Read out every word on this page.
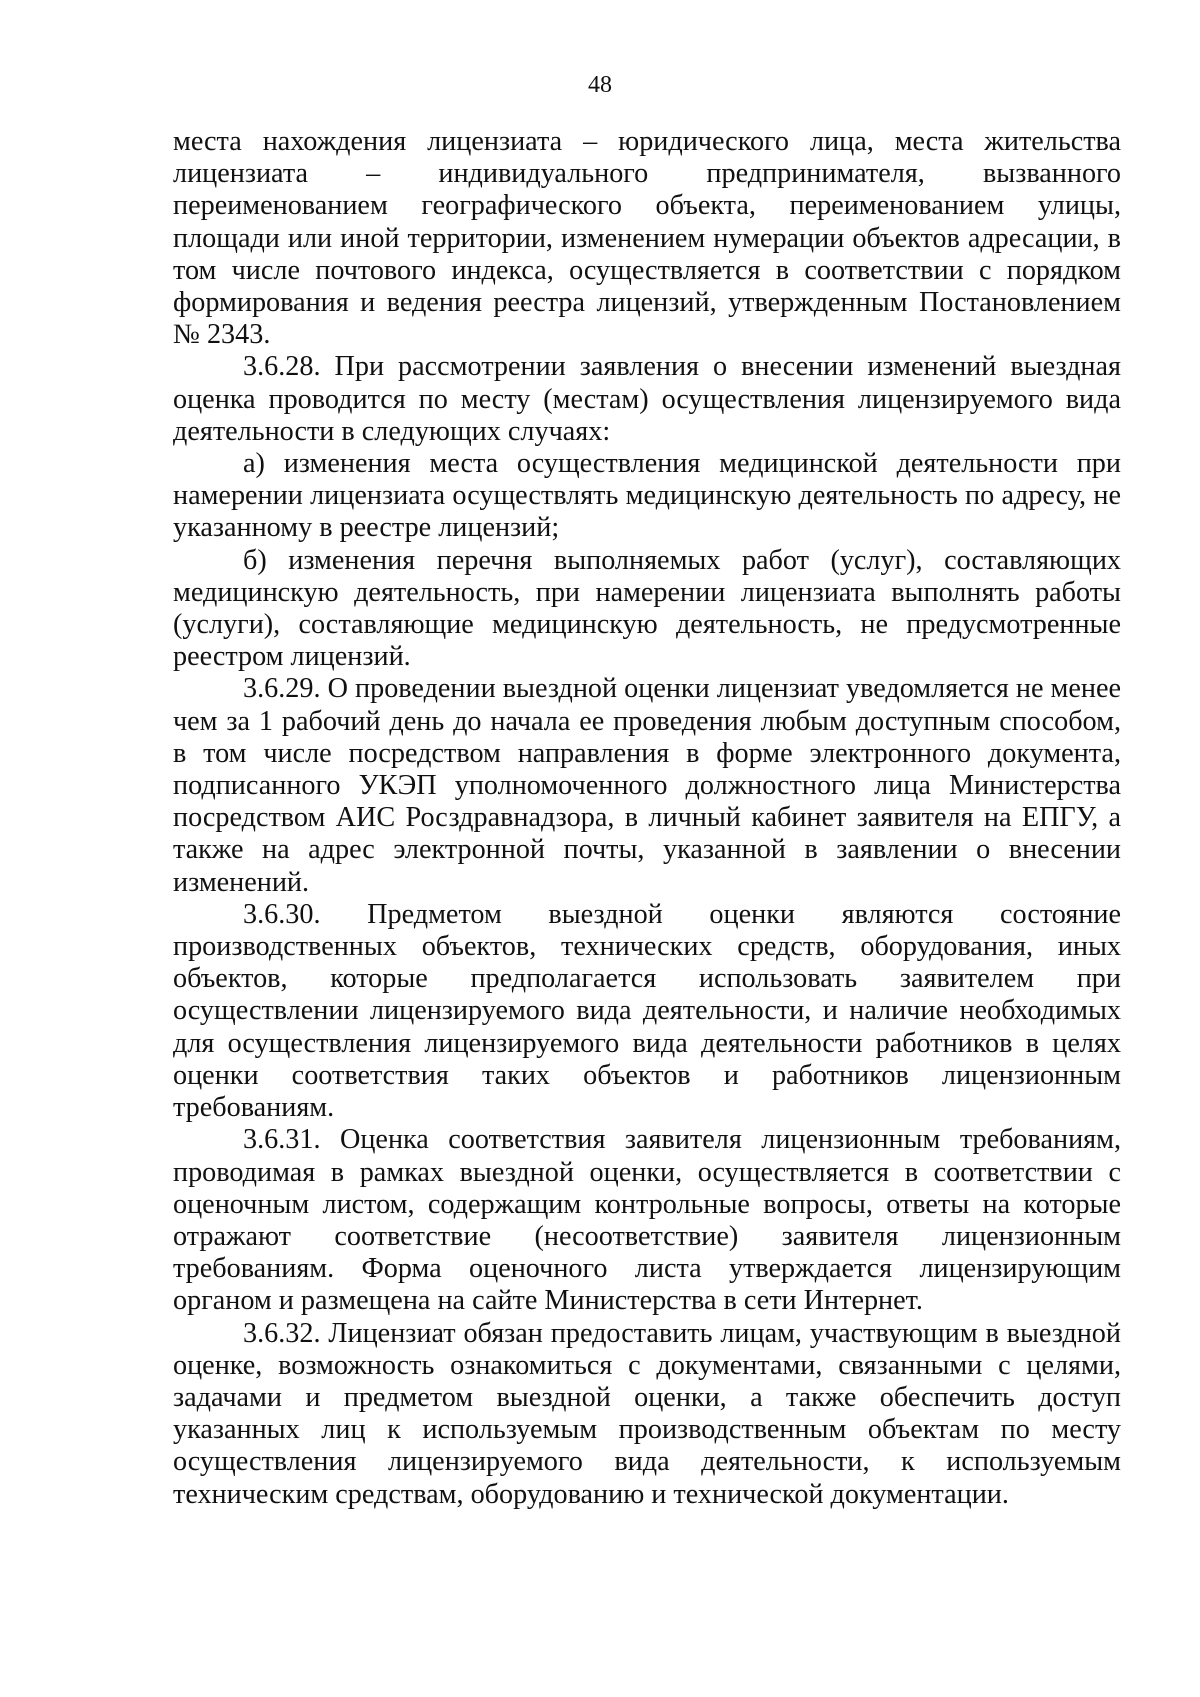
48

места нахождения лицензиата – юридического лица, места жительства лицензиата – индивидуального предпринимателя, вызванного переименованием географического объекта, переименованием улицы, площади или иной территории, изменением нумерации объектов адресации, в том числе почтового индекса, осуществляется в соответствии с порядком формирования и ведения реестра лицензий, утвержденным Постановлением № 2343.

3.6.28. При рассмотрении заявления о внесении изменений выездная оценка проводится по месту (местам) осуществления лицензируемого вида деятельности в следующих случаях:

а) изменения места осуществления медицинской деятельности при намерении лицензиата осуществлять медицинскую деятельность по адресу, не указанному в реестре лицензий;

б) изменения перечня выполняемых работ (услуг), составляющих медицинскую деятельность, при намерении лицензиата выполнять работы (услуги), составляющие медицинскую деятельность, не предусмотренные реестром лицензий.

3.6.29. О проведении выездной оценки лицензиат уведомляется не менее чем за 1 рабочий день до начала ее проведения любым доступным способом, в том числе посредством направления в форме электронного документа, подписанного УКЭП уполномоченного должностного лица Министерства посредством АИС Росздравнадзора, в личный кабинет заявителя на ЕПГУ, а также на адрес электронной почты, указанной в заявлении о внесении изменений.

3.6.30. Предметом выездной оценки являются состояние производственных объектов, технических средств, оборудования, иных объектов, которые предполагается использовать заявителем при осуществлении лицензируемого вида деятельности, и наличие необходимых для осуществления лицензируемого вида деятельности работников в целях оценки соответствия таких объектов и работников лицензионным требованиям.

3.6.31. Оценка соответствия заявителя лицензионным требованиям, проводимая в рамках выездной оценки, осуществляется в соответствии с оценочным листом, содержащим контрольные вопросы, ответы на которые отражают соответствие (несоответствие) заявителя лицензионным требованиям. Форма оценочного листа утверждается лицензирующим органом и размещена на сайте Министерства в сети Интернет.

3.6.32. Лицензиат обязан предоставить лицам, участвующим в выездной оценке, возможность ознакомиться с документами, связанными с целями, задачами и предметом выездной оценки, а также обеспечить доступ указанных лиц к используемым производственным объектам по месту осуществления лицензируемого вида деятельности, к используемым техническим средствам, оборудованию и технической документации.
